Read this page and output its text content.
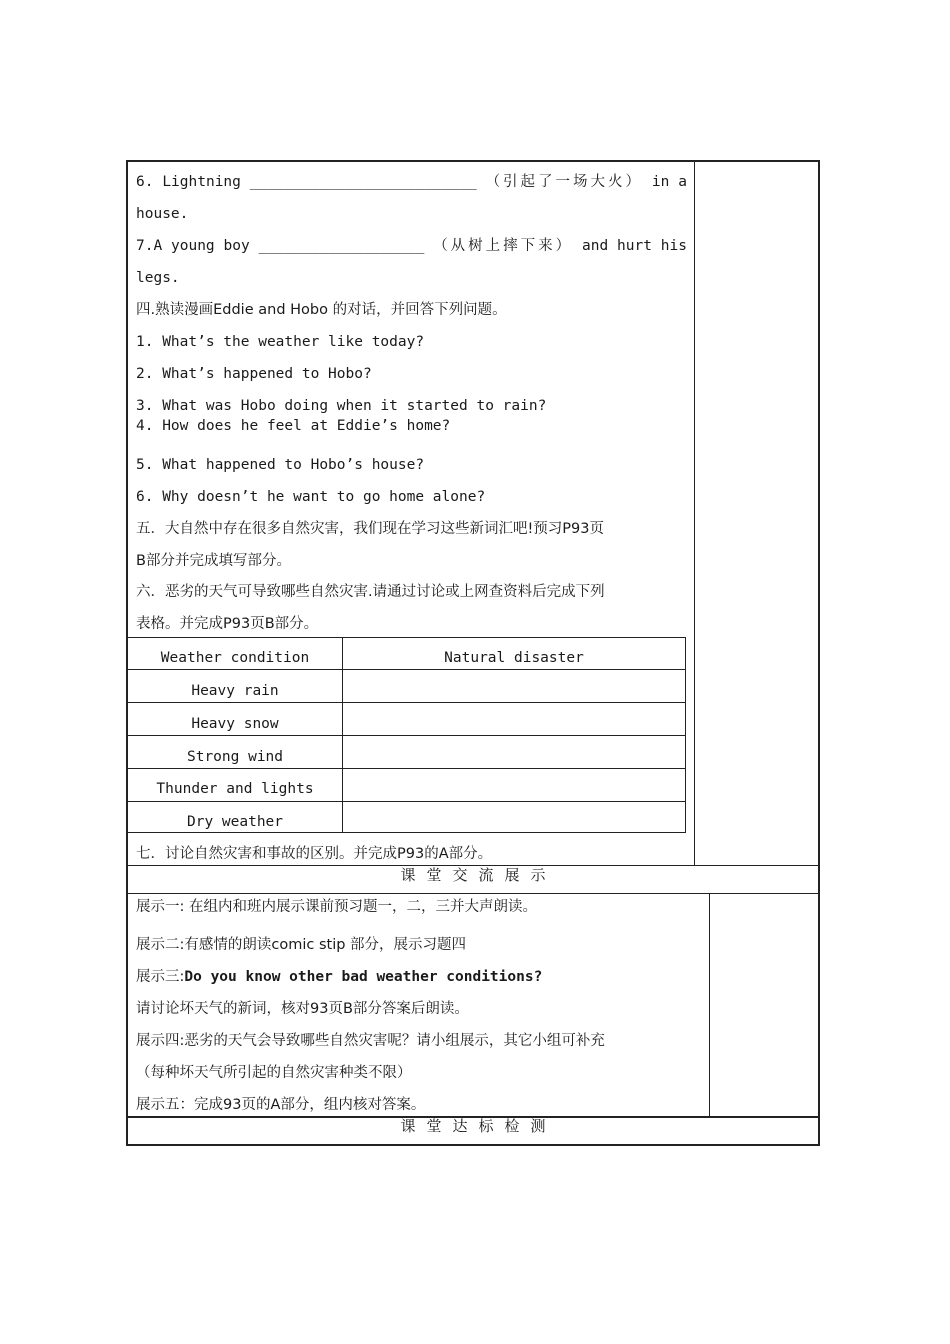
6. Lightning __________________________ （引起了一场大火） in a
house.
7.A young boy ___________________ （从树上摔下来） and hurt his
legs.
四.熟读漫画Eddie and Hobo 的对话，并回答下列问题。
1. What’s the weather like today?
2. What’s happened to Hobo?
3. What was Hobo doing when it started to rain?
4. How does he feel at Eddie’s home?
5. What happened to Hobo’s house?
6. Why doesn’t he want to go home alone?
五．大自然中存在很多自然灾害，我们现在学习这些新词汇吧!预习P93页
B部分并完成填写部分。
六．恶劣的天气可导致哪些自然灾害.请通过讨论或上网查资料后完成下列
表格。并完成P93页B部分。
Weather condition	Natural disaster
Heavy rain
Heavy snow
Strong wind
Thunder and lights
Dry weather
七．讨论自然灾害和事故的区别。并完成P93的A部分。
课堂交流展示
展示一: 在组内和班内展示课前预习题一，二，三并大声朗读。
展示二:有感情的朗读comic stip 部分，展示习题四
展示三:Do you know other bad weather conditions?
请讨论坏天气的新词，核对93页B部分答案后朗读。
展示四:恶劣的天气会导致哪些自然灾害呢？请小组展示，其它小组可补充
（每种坏天气所引起的自然灾害种类不限）
展示五：完成93页的A部分，组内核对答案。
课堂达标检测
